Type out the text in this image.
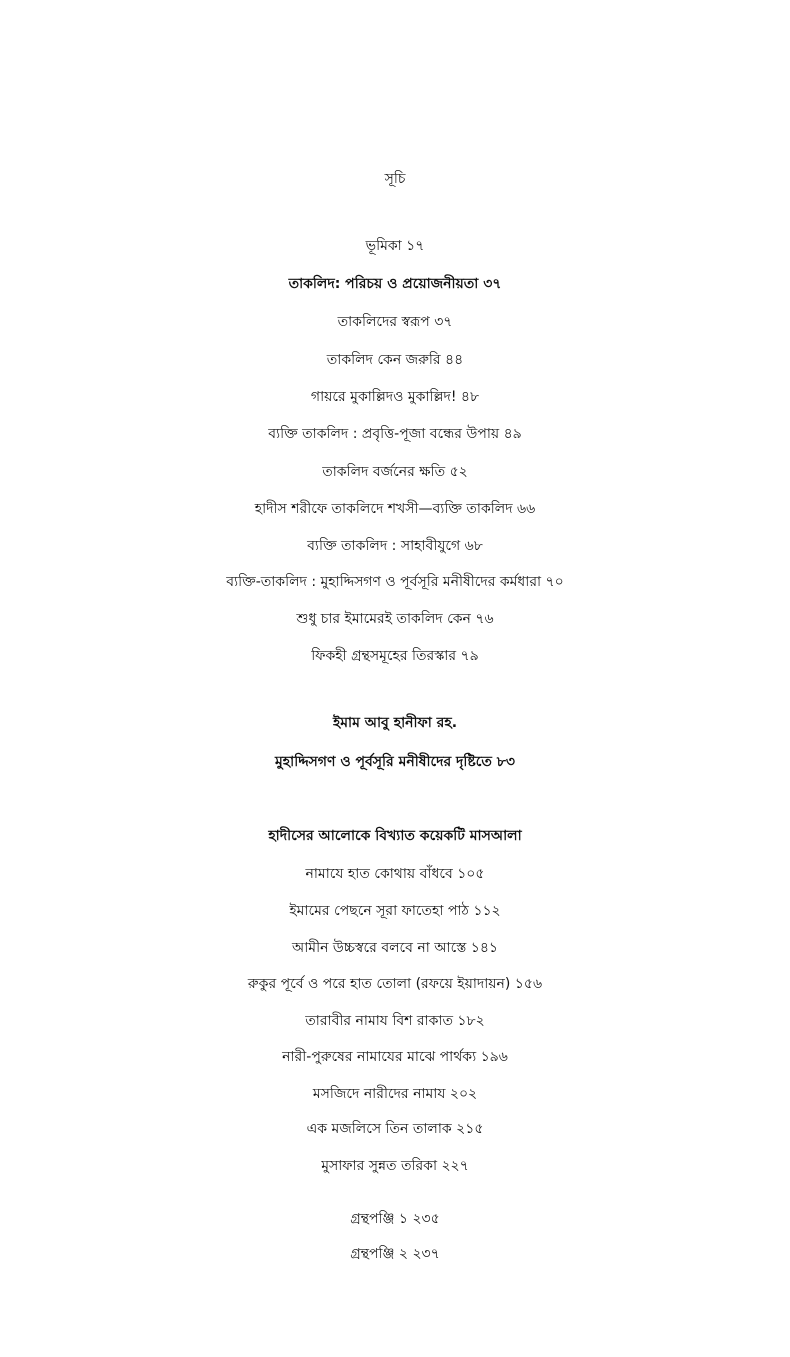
সূচি
ভূমিকা ১৭
তাকলিদ: পরিচয় ও প্রয়োজনীয়তা ৩৭
তাকলিদের স্বরূপ ৩৭
তাকলিদ কেন জরুরি ৪৪
গায়রে মুকাল্লিদও মুকাল্লিদ! ৪৮
ব্যক্তি তাকলিদ : প্রবৃত্তি-পূজা বন্ধের উপায় ৪৯
তাকলিদ বর্জনের ক্ষতি ৫২
হাদীস শরীফে তাকলিদে শখসী—ব্যক্তি তাকলিদ ৬৬
ব্যক্তি তাকলিদ : সাহাবীযুগে ৬৮
ব্যক্তি-তাকলিদ : মুহাদ্দিসগণ ও পূর্বসূরি মনীষীদের কর্মধারা ৭০
শুধু চার ইমামেরই তাকলিদ কেন ৭৬
ফিকহী গ্রন্থসমূহের তিরস্কার ৭৯
ইমাম আবু হানীফা রহ.
মুহাদ্দিসগণ ও পূর্বসূরি মনীষীদের দৃষ্টিতে ৮৩
হাদীসের আলোকে বিখ্যাত কয়েকটি মাসআলা
নামাযে হাত কোথায় বাঁধবে ১০৫
ইমামের পেছনে সূরা ফাতেহা পাঠ ১১২
আমীন উচ্চস্বরে বলবে না আস্তে ১৪১
রুকুর পূর্বে ও পরে হাত তোলা (রফয়ে ইয়াদায়ন) ১৫৬
তারাবীর নামায বিশ রাকাত ১৮২
নারী-পুরুষের নামাযের মাঝে পার্থক্য ১৯৬
মসজিদে নারীদের নামায ২০২
এক মজলিসে তিন তালাক ২১৫
মুসাফার সুন্নত তরিকা ২২৭
গ্রন্থপঞ্জি ১ ২৩৫
গ্রন্থপঞ্জি ২ ২৩৭
